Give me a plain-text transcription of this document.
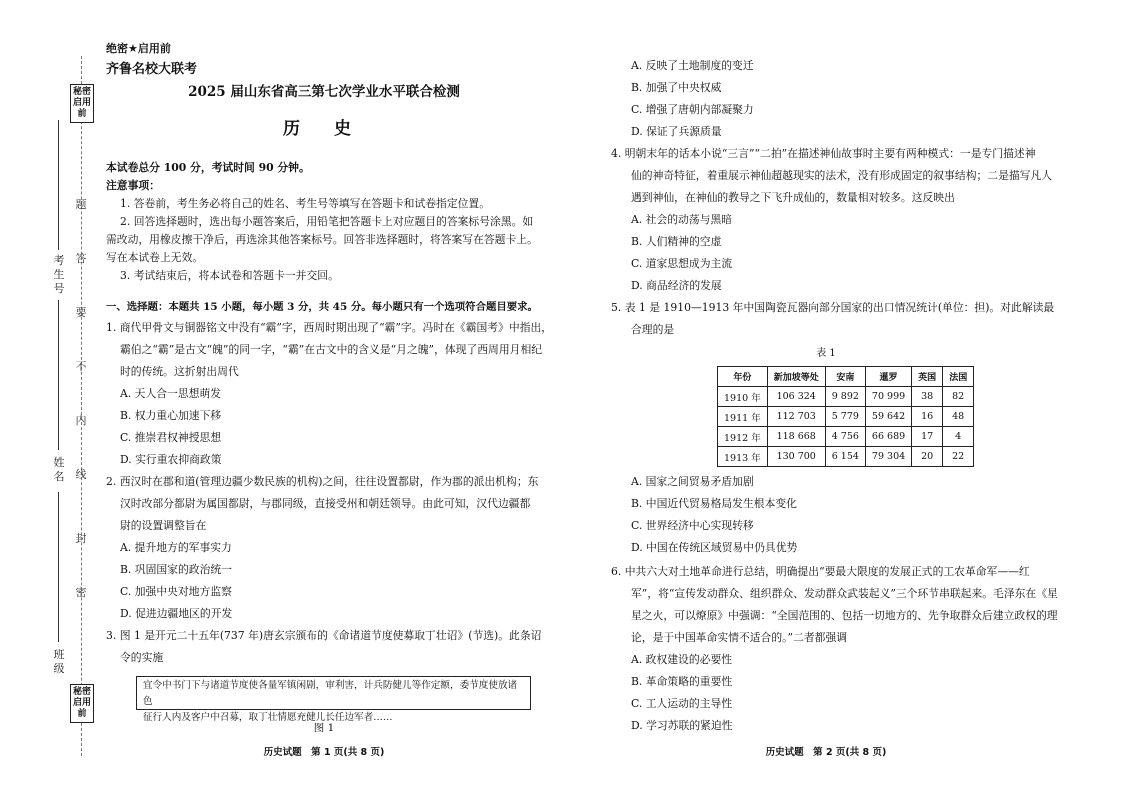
秘密启用前
秘密启用前
考生号
姓名
班级
题
答
要
不
内
线
封
密
绝密★启用前
齐鲁名校大联考
2025 届山东省高三第七次学业水平联合检测
历 史
本试卷总分 100 分，考试时间 90 分钟。
注意事项：
1. 答卷前，考生务必将自己的姓名、考生号等填写在答题卡和试卷指定位置。
2. 回答选择题时，选出每小题答案后，用铅笔把答题卡上对应题目的答案标号涂黑。如
需改动，用橡皮擦干净后，再选涂其他答案标号。回答非选择题时，将答案写在答题卡上。
写在本试卷上无效。
3. 考试结束后，将本试卷和答题卡一并交回。
一、选择题：本题共 15 小题，每小题 3 分，共 45 分。每小题只有一个选项符合题目要求。
1. 商代甲骨文与铜器铭文中没有“霸”字，西周时期出现了“霸”字。冯时在《霸国考》中指出，
霸伯之“霸”是古文“魄”的同一字，“霸”在古文中的含义是“月之魄”，体现了西周用月相纪
时的传统。这折射出周代
A. 天人合一思想萌发
B. 权力重心加速下移
C. 推崇君权神授思想
D. 实行重农抑商政策
2. 西汉时在郡和道(管理边疆少数民族的机构)之间，往往设置都尉，作为郡的派出机构；东
汉时改部分都尉为属国都尉，与郡同级，直接受州和朝廷领导。由此可知，汉代边疆都
尉的设置调整旨在
A. 提升地方的军事实力
B. 巩固国家的政治统一
C. 加强中央对地方监察
D. 促进边疆地区的开发
3. 图 1 是开元二十五年(737 年)唐玄宗颁布的《命诸道节度使募取丁壮诏》(节选)。此条诏
令的实施
宜令中书门下与诸道节度使各量军镇闲剧，审利害，计兵防健儿等作定额，委节度使放诸色
征行人内及客户中召募，取丁壮情愿充健儿长任边军者……
图 1
历史试题　第 1 页(共 8 页)
A. 反映了土地制度的变迁
B. 加强了中央权威
C. 增强了唐朝内部凝聚力
D. 保证了兵源质量
4. 明朝末年的话本小说“三言”“二拍”在描述神仙故事时主要有两种模式：一是专门描述神
仙的神奇特征，着重展示神仙超越现实的法术，没有形成固定的叙事结构；二是描写凡人
遇到神仙，在神仙的教导之下飞升成仙的，数量相对较多。这反映出
A. 社会的动荡与黑暗
B. 人们精神的空虚
C. 道家思想成为主流
D. 商品经济的发展
5. 表 1 是 1910—1913 年中国陶瓷瓦器向部分国家的出口情况统计(单位：担)。对此解读最
合理的是
表 1
年份	新加坡等处	安南	暹罗	英国	法国
1910 年	106 324	9 892	70 999	38	82
1911 年	112 703	5 779	59 642	16	48
1912 年	118 668	4 756	66 689	17	4
1913 年	130 700	6 154	79 304	20	22
A. 国家之间贸易矛盾加剧
B. 中国近代贸易格局发生根本变化
C. 世界经济中心实现转移
D. 中国在传统区域贸易中仍具优势
6. 中共六大对土地革命进行总结，明确提出“要最大限度的发展正式的工农革命军——红
军”，将“宣传发动群众、组织群众、发动群众武装起义”三个环节串联起来。毛泽东在《星
星之火，可以燎原》中强调：“全国范围的、包括一切地方的、先争取群众后建立政权的理
论，是于中国革命实情不适合的。”二者都强调
A. 政权建设的必要性
B. 革命策略的重要性
C. 工人运动的主导性
D. 学习苏联的紧迫性
历史试题　第 2 页(共 8 页)
